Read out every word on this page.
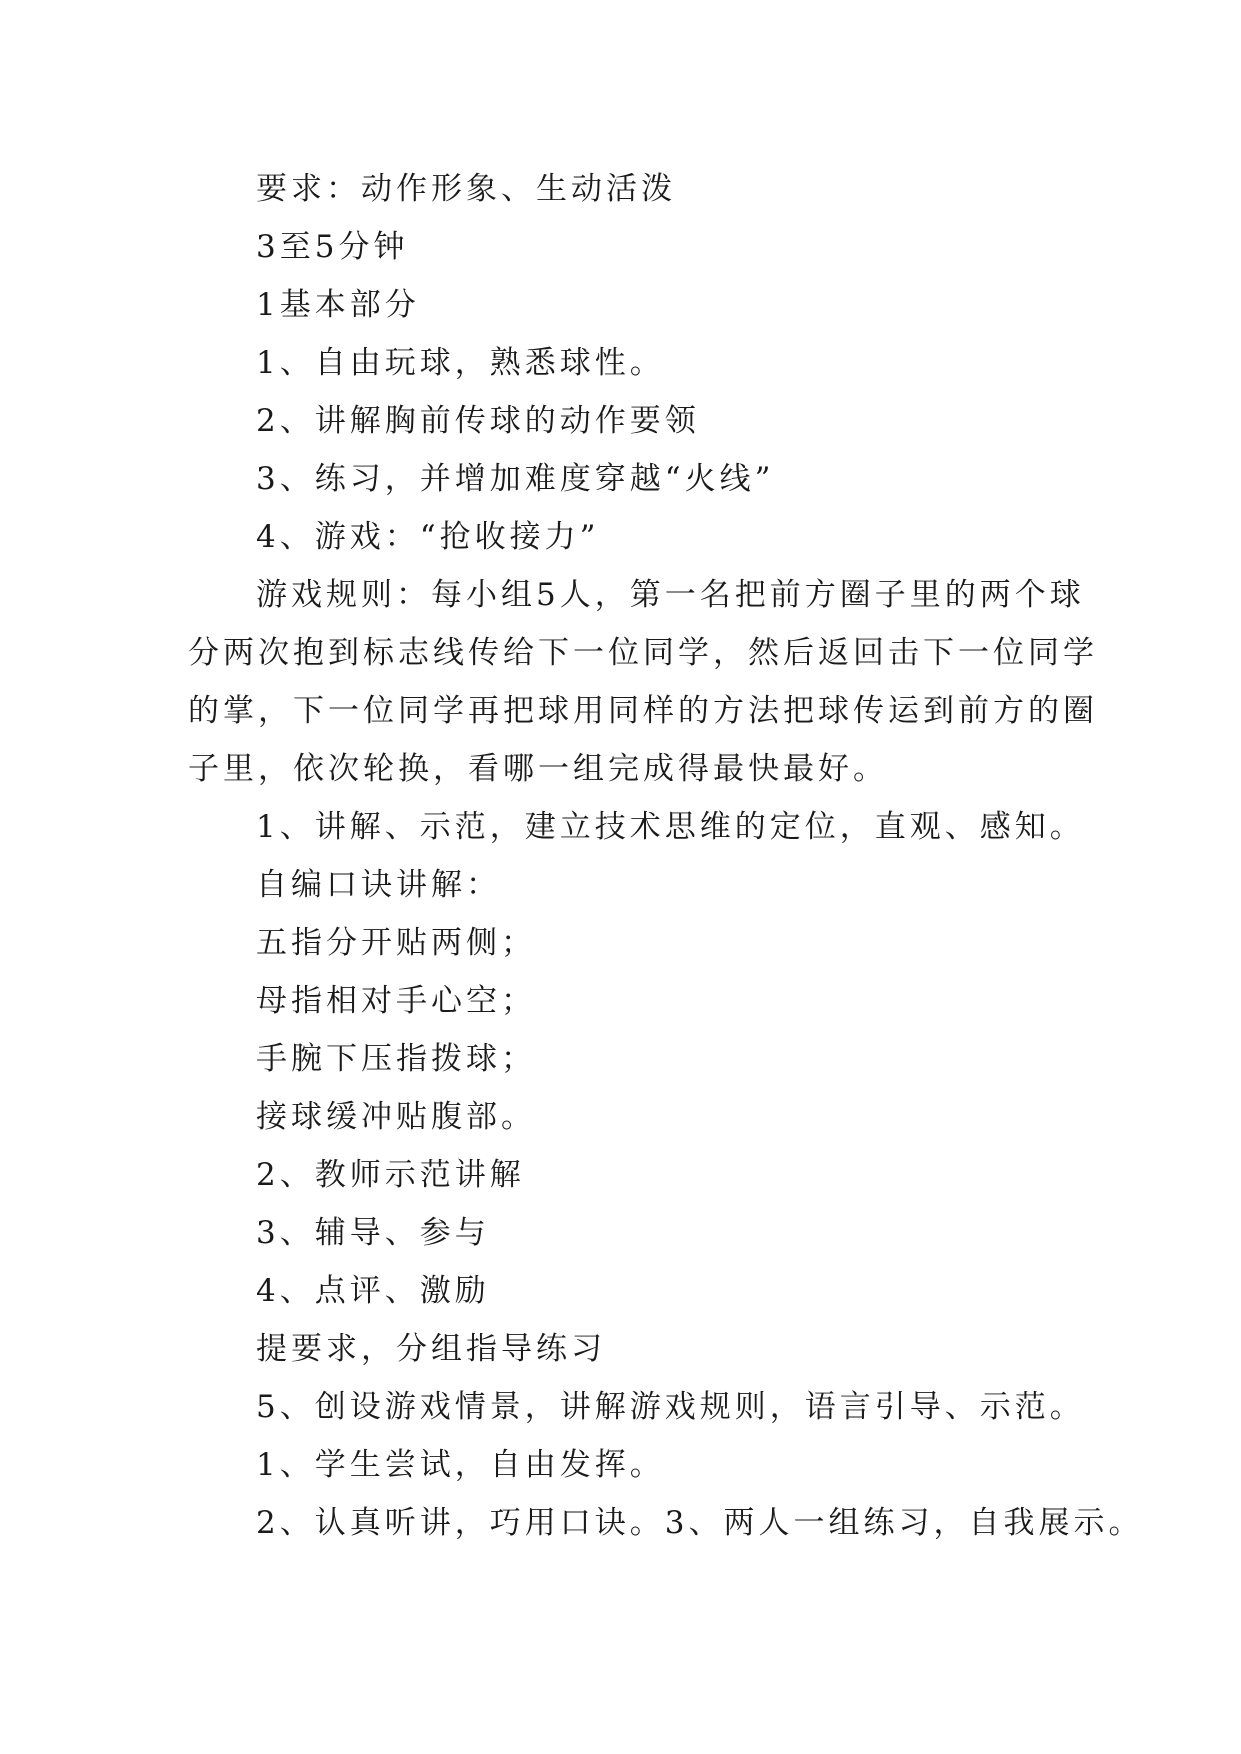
要求：动作形象、生动活泼
3至5分钟
1基本部分
1、自由玩球，熟悉球性。
2、讲解胸前传球的动作要领
3、练习，并增加难度穿越“火线”
4、游戏：“抢收接力”
游戏规则：每小组5人，第一名把前方圈子里的两个球
分两次抱到标志线传给下一位同学，然后返回击下一位同学
的掌，下一位同学再把球用同样的方法把球传运到前方的圈
子里，依次轮换，看哪一组完成得最快最好。
1、讲解、示范，建立技术思维的定位，直观、感知。
自编口诀讲解：
五指分开贴两侧；
母指相对手心空；
手腕下压指拨球；
接球缓冲贴腹部。
2、教师示范讲解
3、辅导、参与
4、点评、激励
提要求，分组指导练习
5、创设游戏情景，讲解游戏规则，语言引导、示范。
1、学生尝试，自由发挥。
2、认真听讲，巧用口诀。3、两人一组练习，自我展示。
